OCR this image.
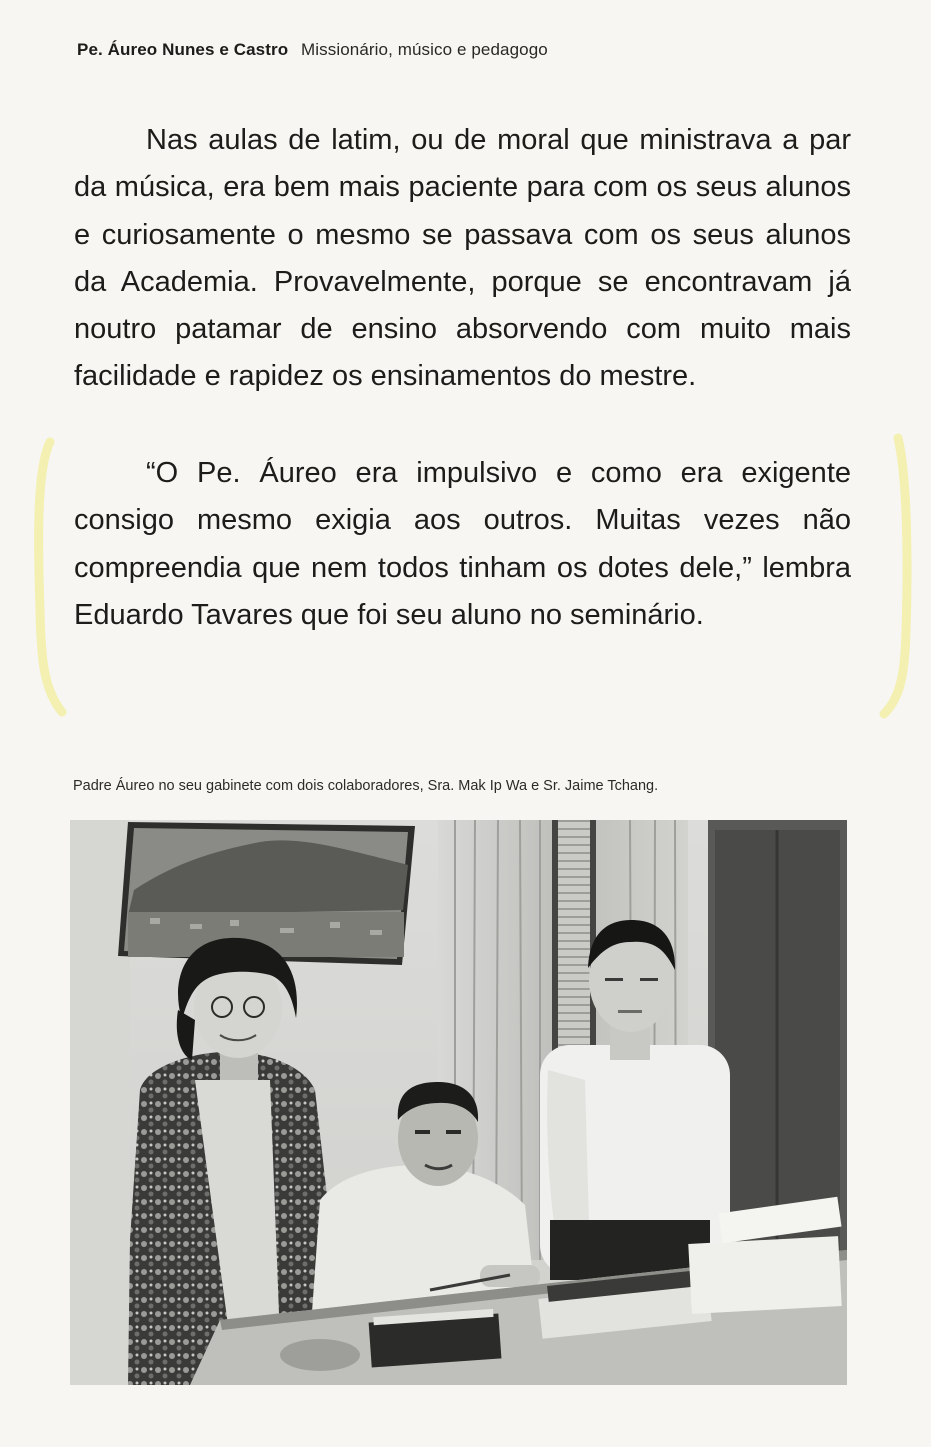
Pe. Áureo Nunes e Castro Missionário, músico e pedagogo

Nas aulas de latim, ou de moral que ministrava a par da música, era bem mais paciente para com os seus alunos e curiosamente o mesmo se passava com os seus alunos da Academia. Provavelmente, porque se encontravam já noutro patamar de ensino absorvendo com muito mais facilidade e rapidez os ensinamentos do mestre.

“O Pe. Áureo era impulsivo e como era exigente consigo mesmo exigia aos outros. Muitas vezes não compreendia que nem todos tinham os dotes dele,” lembra Eduardo Tavares que foi seu aluno no seminário.

Padre Áureo no seu gabinete com dois colaboradores, Sra. Mak Ip Wa e Sr. Jaime Tchang.
